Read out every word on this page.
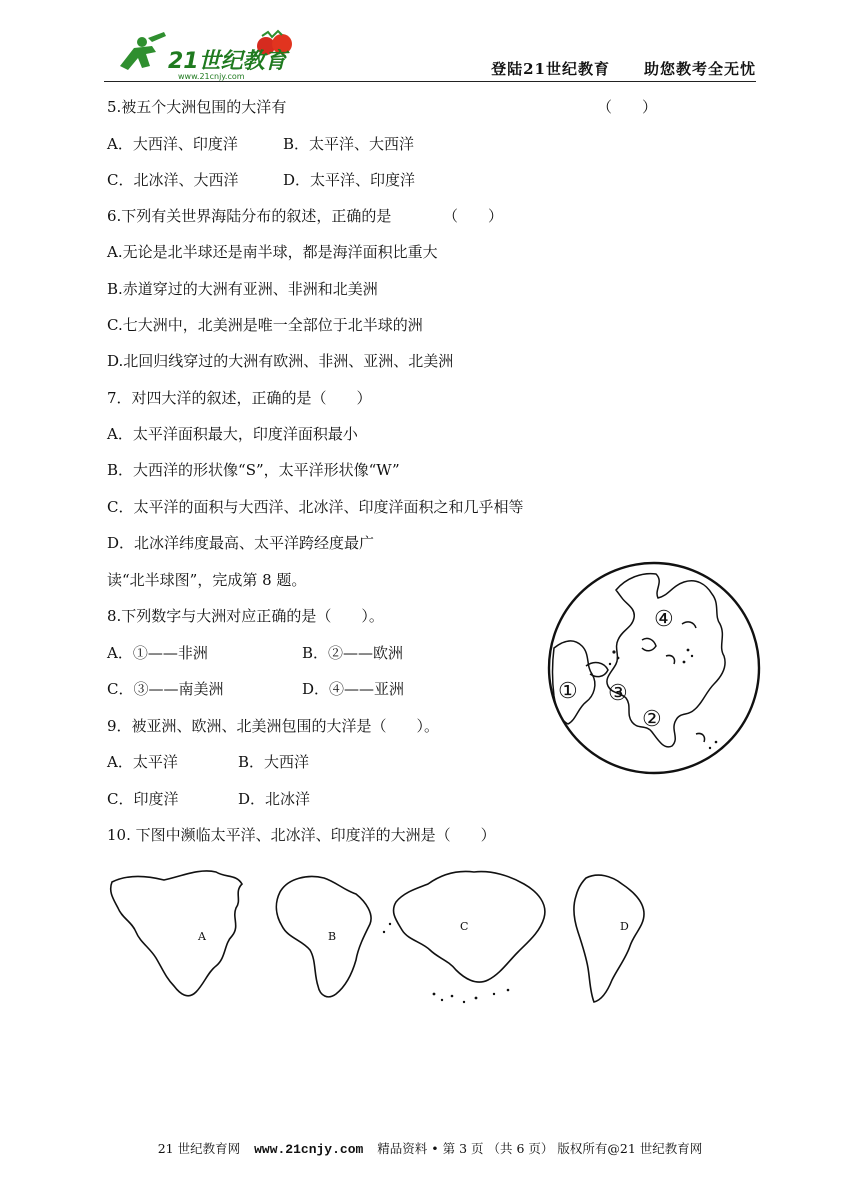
21世纪教育
www.21cnjy.com	登陆21世纪教育 助您教考全无忧
5.被五个大洲包围的大洋有	（　　）
A．大西洋、印度洋	B．太平洋、大西洋
C．北冰洋、大西洋	D．太平洋、印度洋
6.下列有关世界海陆分布的叙述，正确的是	（　　）
A.无论是北半球还是南半球，都是海洋面积比重大
B.赤道穿过的大洲有亚洲、非洲和北美洲
C.七大洲中，北美洲是唯一全部位于北半球的洲
D.北回归线穿过的大洲有欧洲、非洲、亚洲、北美洲
7．对四大洋的叙述，正确的是（　　）
A．太平洋面积最大，印度洋面积最小
B．大西洋的形状像“S”，太平洋形状像“W”
C．太平洋的面积与大西洋、北冰洋、印度洋面积之和几乎相等
D．北冰洋纬度最高、太平洋跨经度最广
读“北半球图”，完成第 8 题。
8.下列数字与大洲对应正确的是（　　）。
A．①——非洲	B．②——欧洲
C．③——南美洲	D．④——亚洲
9．被亚洲、欧洲、北美洲包围的大洋是（　　）。
A．太平洋	B．大西洋
C．印度洋	D．北冰洋
10. 下图中濒临太平洋、北冰洋、印度洋的大洲是（　　）
①
②
③
④
A	B
C	D
21 世纪教育网 www.21cnjy.com 精品资料 • 第 3 页 （共 6 页） 版权所有@21 世纪教育网
